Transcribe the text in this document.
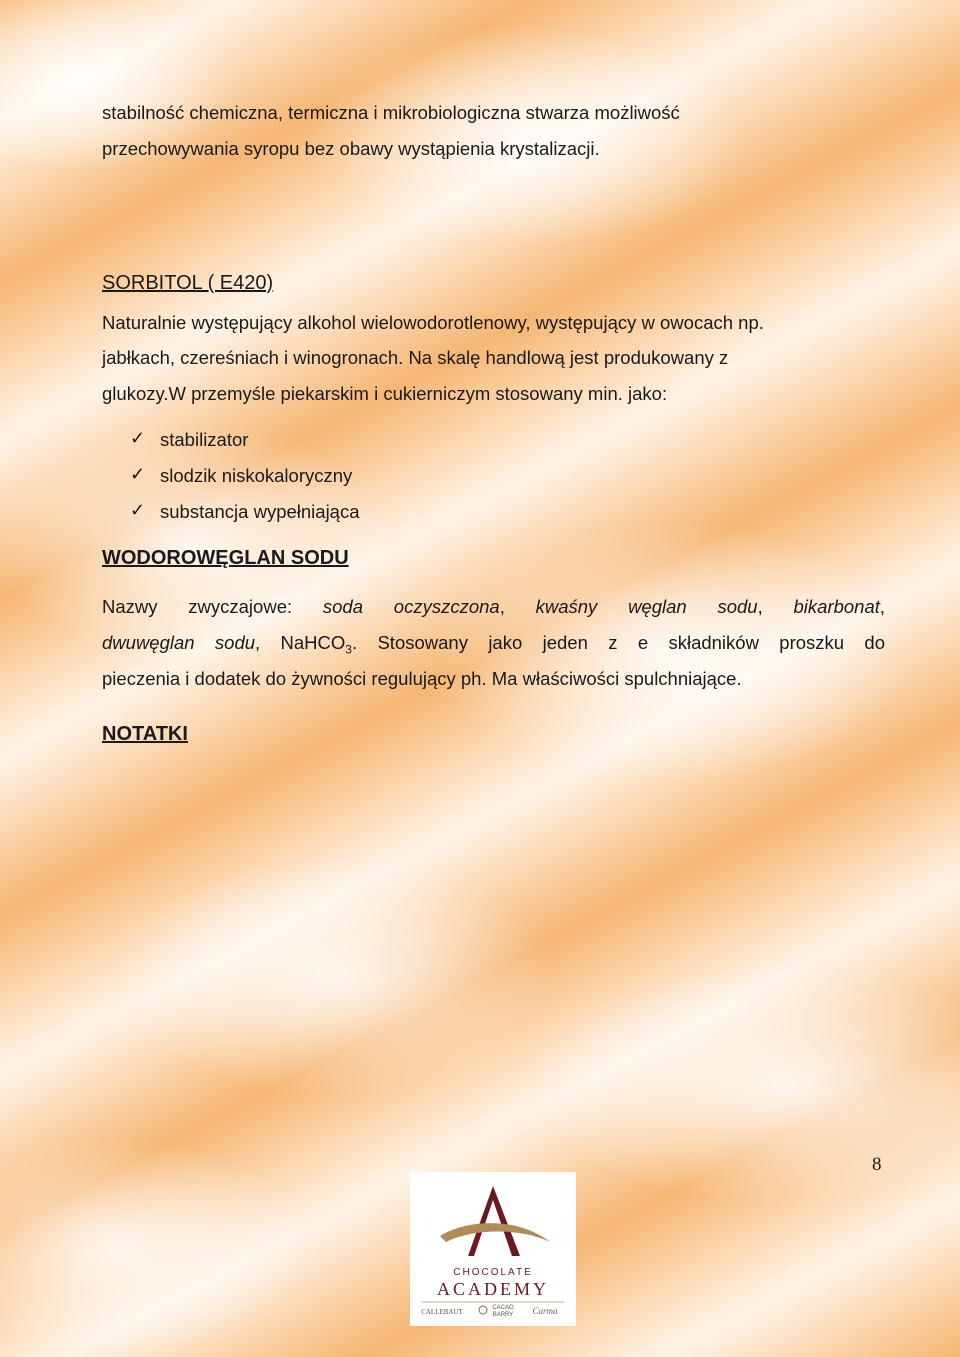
stabilność chemiczna, termiczna i mikrobiologiczna stwarza możliwość
przechowywania syropu bez obawy wystąpienia krystalizacji.
SORBITOL ( E420)
Naturalnie występujący alkohol wielowodorotlenowy, występujący w owocach np.
jabłkach, czereśniach i winogronach. Na skalę handlową jest produkowany z
glukozy.W przemyśle piekarskim i cukierniczym stosowany min. jako:
✓ stabilizator
✓ slodzik niskokaloryczny
✓ substancja wypełniająca
WODOROWĘGLAN SODU
Nazwy zwyczajowe: soda oczyszczona, kwaśny węglan sodu, bikarbonat,
dwuwęglan sodu, NaHCO$_3$. Stosowany jako jeden z e składników proszku do
pieczenia i dodatek do żywności regulujący ph. Ma właściwości spulchniające.
NOTATKI
8
CHOCOLATE
ACADEMY
CALLEBAUT	CACAO
BARRY Carma
